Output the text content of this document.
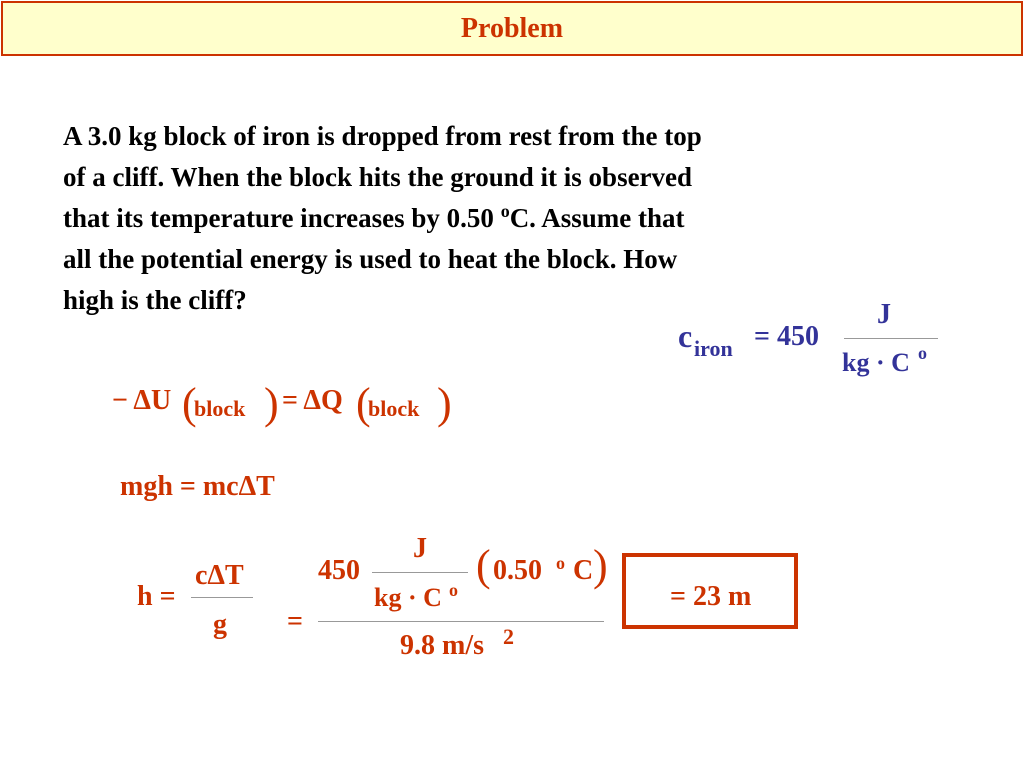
Problem
A 3.0 kg block of iron is dropped from rest from the top
of a cliff. When the block hits the ground it is observed
that its temperature increases by 0.50 $^o$C. Assume that
all the potential energy is used to heat the block. How
high is the cliff?
c iron = 450
J
kg · C o
− ΔU (
block ) = ΔQ (
block )
mgh = mcΔT
h =
cΔT
g =
450
J
kg · C o ( 0.50 o C )
9.8 m/s 2
= 23 m
